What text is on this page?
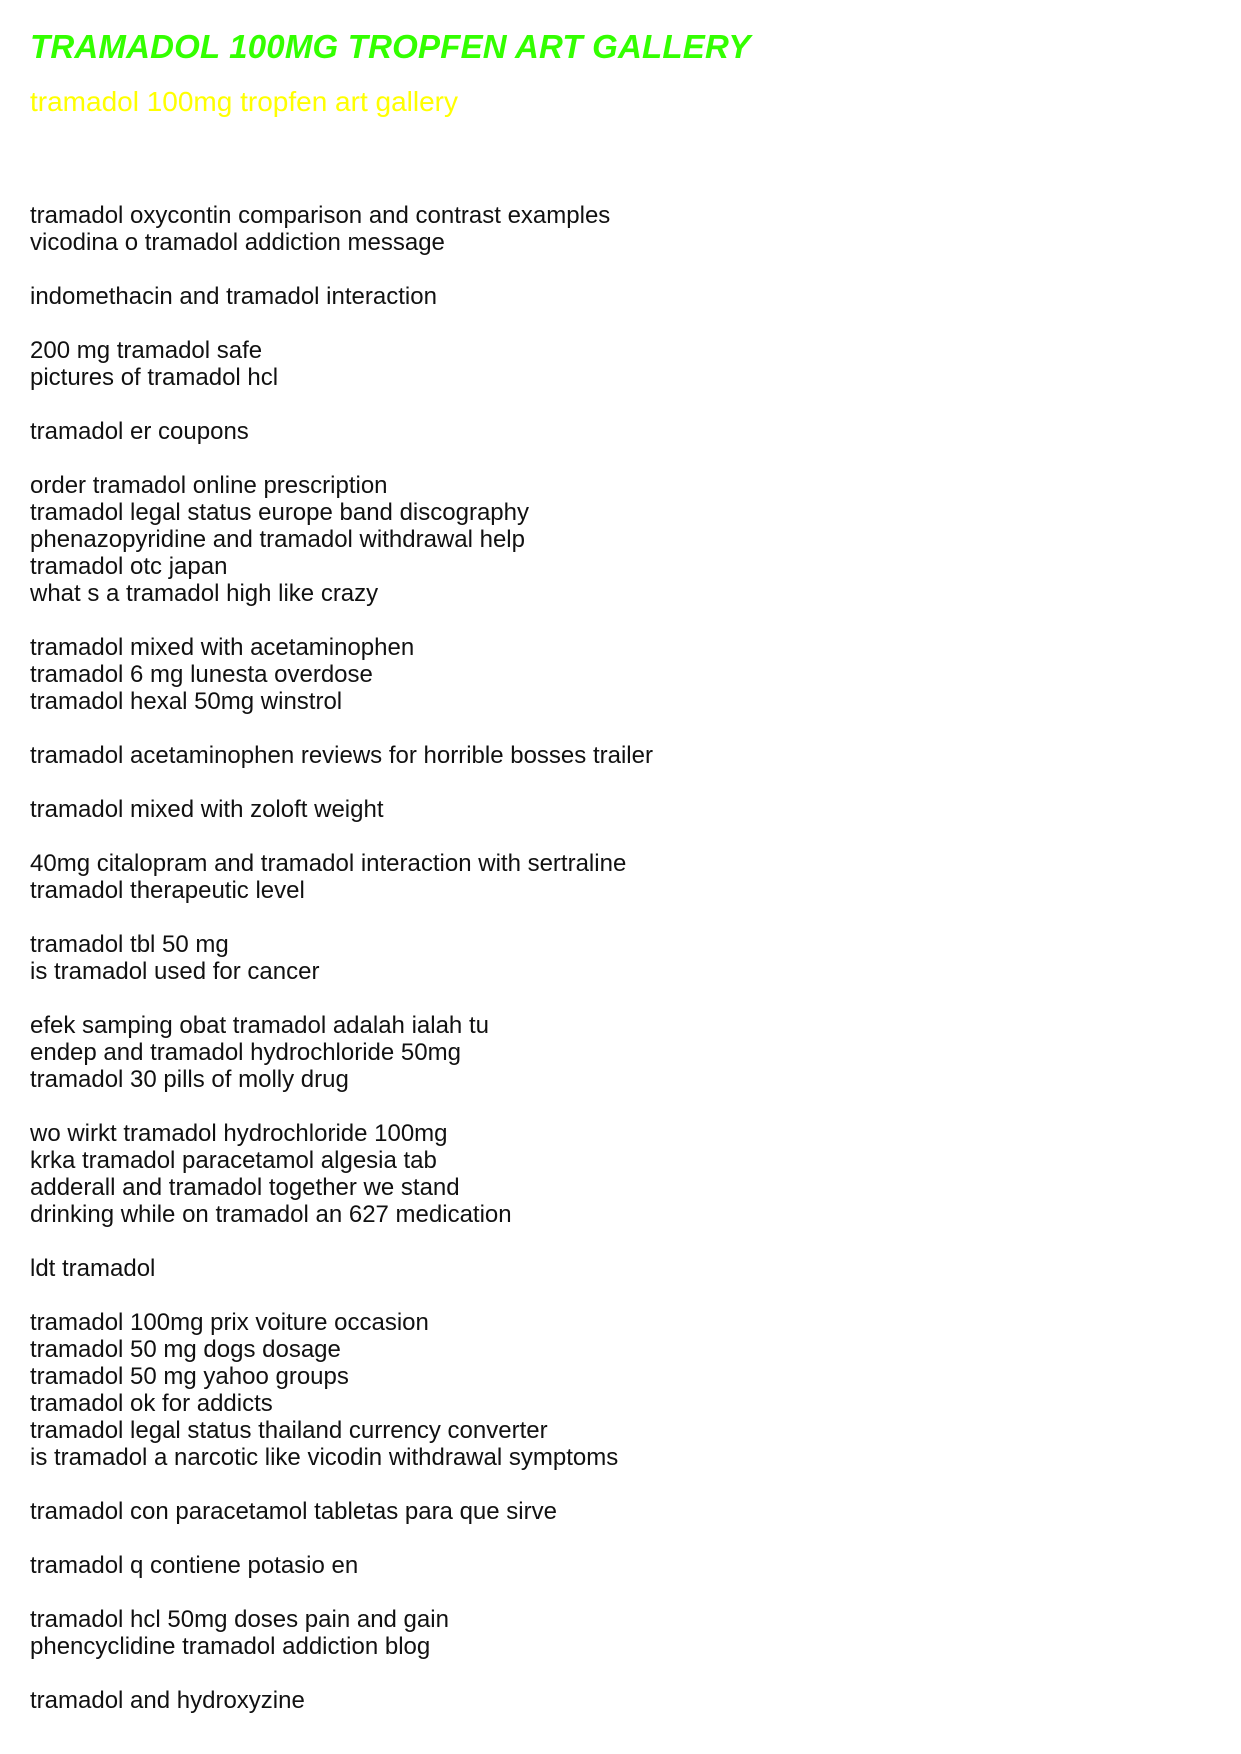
TRAMADOL 100MG TROPFEN ART GALLERY
tramadol 100mg tropfen art gallery
tramadol oxycontin comparison and contrast examples
vicodina o tramadol addiction message
indomethacin and tramadol interaction
200 mg tramadol safe
pictures of tramadol hcl
tramadol er coupons
order tramadol online prescription
tramadol legal status europe band discography
phenazopyridine and tramadol withdrawal help
tramadol otc japan
what s a tramadol high like crazy
tramadol mixed with acetaminophen
tramadol 6 mg lunesta overdose
tramadol hexal 50mg winstrol
tramadol acetaminophen reviews for horrible bosses trailer
tramadol mixed with zoloft weight
40mg citalopram and tramadol interaction with sertraline
tramadol therapeutic level
tramadol tbl 50 mg
is tramadol used for cancer
efek samping obat tramadol adalah ialah tu
endep and tramadol hydrochloride 50mg
tramadol 30 pills of molly drug
wo wirkt tramadol hydrochloride 100mg
krka tramadol paracetamol algesia tab
adderall and tramadol together we stand
drinking while on tramadol an 627 medication
ldt tramadol
tramadol 100mg prix voiture occasion
tramadol 50 mg dogs dosage
tramadol 50 mg yahoo groups
tramadol ok for addicts
tramadol legal status thailand currency converter
is tramadol a narcotic like vicodin withdrawal symptoms
tramadol con paracetamol tabletas para que sirve
tramadol q contiene potasio en
tramadol hcl 50mg doses pain and gain
phencyclidine tramadol addiction blog
tramadol and hydroxyzine
